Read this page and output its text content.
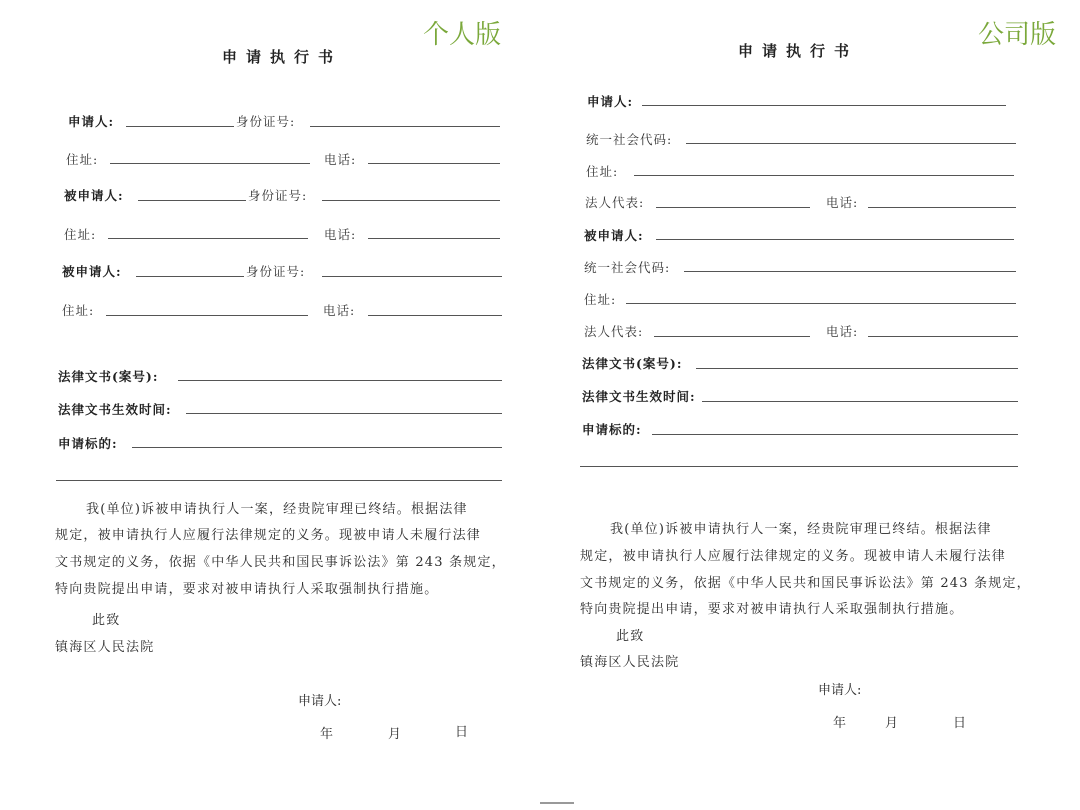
个人版
申请执行书
申请人:	身份证号:
住址:	电话:
被申请人:	身份证号:
住址:	电话:
被申请人:	身份证号:
住址:	电话:
法律文书(案号):
法律文书生效时间:
申请标的:
我(单位)诉被申请执行人一案，经贵院审理已终结。根据法律
规定，被申请执行人应履行法律规定的义务。现被申请人未履行法律
文书规定的义务，依据《中华人民共和国民事诉讼法》第 243 条规定，
特向贵院提出申请，要求对被申请执行人采取强制执行措施。
此致
镇海区人民法院
申请人:
年	月	日
公司版
申请执行书
申请人:
统一社会代码:
住址:
法人代表:	电话:
被申请人:
统一社会代码:
住址:
法人代表:	电话:
法律文书(案号):
法律文书生效时间:
申请标的:
我(单位)诉被申请执行人一案，经贵院审理已终结。根据法律
规定，被申请执行人应履行法律规定的义务。现被申请人未履行法律
文书规定的义务，依据《中华人民共和国民事诉讼法》第 243 条规定，
特向贵院提出申请，要求对被申请执行人采取强制执行措施。
此致
镇海区人民法院
申请人:
年	月	日
